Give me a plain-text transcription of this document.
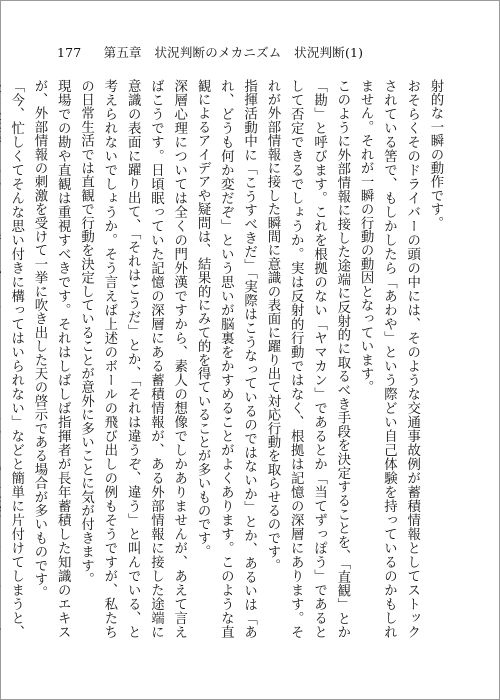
177 第五章　状況判断のメカニズム　状況判断(1)

射的な一瞬の動作です。

おそらくそのドライバーの頭の中には、そのような交通事故例が蓄積情報としてストックされている筈で、もしかしたら「あわや」という際どい自己体験を持っているのかもしれません。それが一瞬の行動の動因となっています。

このように外部情報に接した途端に反射的に取るべき手段を決定することを、「直観」とか「勘」と呼びます。これを根拠のない「ヤマカン」であるとか「当てずっぽう」であるとして否定できるでしょうか。実は反射的行動ではなく、根拠は記憶の深層にあります。それが外部情報に接した瞬間に意識の表面に躍り出て対応行動を取らせるのです。

指揮活動中に「こうすべきだ」「実際はこうなっているのではないか」とか、あるいは「あれ、どうも何か変だぞ」という思いが脳裏をかすめることがよくあります。このような直観によるアイデアや疑問は、結果的にみて的を得ていることが多いものです。

深層心理については全くの門外漢ですから、素人の想像でしかありませんが、あえて言えばこうです。日頃眠っていた記憶の深層にある蓄積情報が、ある外部情報に接した途端に意識の表面に躍り出て、「それはこうだ」とか、「それは違うぞ、違う」と叫んでいる、と考えられないでしょうか。そう言えば上述のボールの飛び出しの例もそうですが、私たちの日常生活では直観で行動を決定していることが意外に多いことに気が付きます。

現場での勘や直観は重視すべきです。それはしばしば指揮者が長年蓄積した知識のエキスが、外部情報の刺激を受けて一挙に吹き出した天の啓示である場合が多いものです。

「今、忙しくてそんな思い付きに構ってはいられない」などと簡単に片付けてしまうと、
